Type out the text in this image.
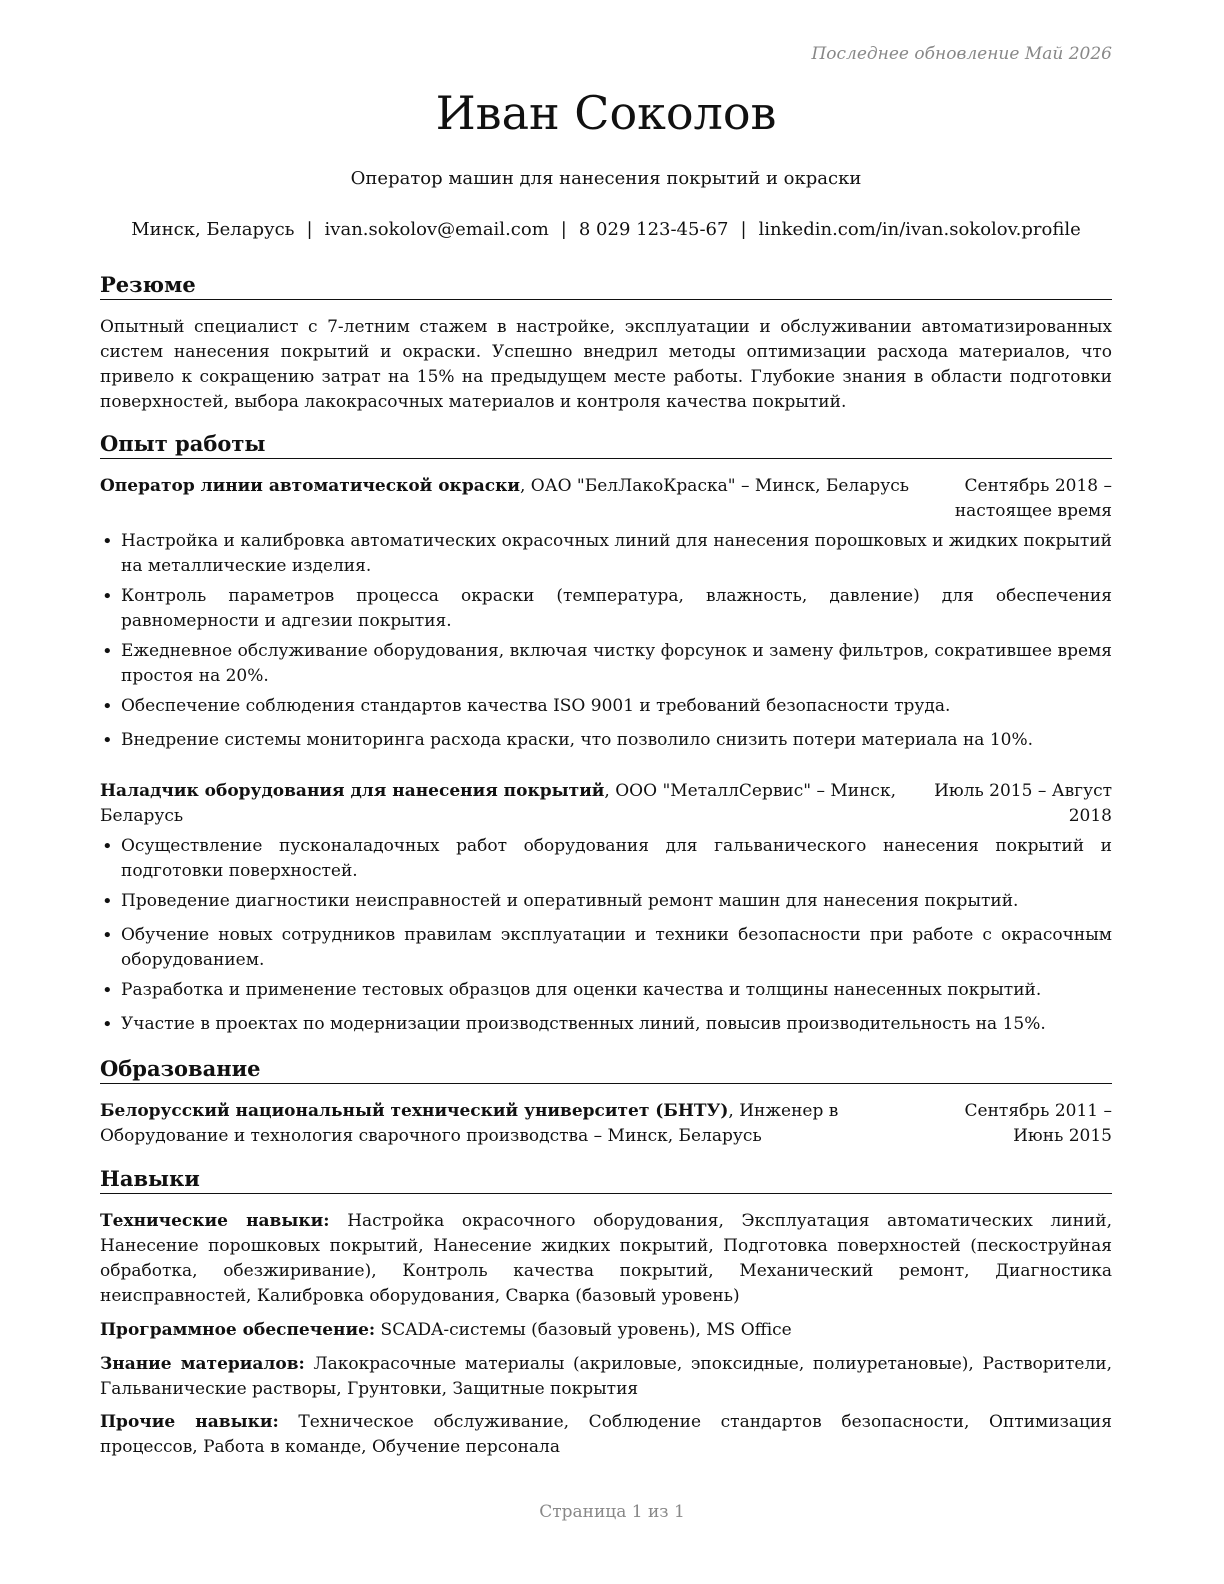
Последнее обновление Май 2026
Иван Соколов
Оператор машин для нанесения покрытий и окраски
Минск, Беларусь | ivan.sokolov@email.com | 8 029 123-45-67 | linkedin.com/in/ivan.sokolov.profile
Резюме
Опытный специалист с 7-летним стажем в настройке, эксплуатации и обслуживании автоматизированных систем нанесения покрытий и окраски. Успешно внедрил методы оптимизации расхода материалов, что привело к сокращению затрат на 15% на предыдущем месте работы. Глубокие знания в области подготовки поверхностей, выбора лакокрасочных материалов и контроля качества покрытий.
Опыт работы
Оператор линии автоматической окраски, ОАО "БелЛакоКраска" – Минск, Беларусь	Сентябрь 2018 – настоящее время
• Настройка и калибровка автоматических окрасочных линий для нанесения порошковых и жидких покрытий на металлические изделия.
• Контроль параметров процесса окраски (температура, влажность, давление) для обеспечения равномерности и адгезии покрытия.
• Ежедневное обслуживание оборудования, включая чистку форсунок и замену фильтров, сократившее время простоя на 20%.
• Обеспечение соблюдения стандартов качества ISO 9001 и требований безопасности труда.
• Внедрение системы мониторинга расхода краски, что позволило снизить потери материала на 10%.
Наладчик оборудования для нанесения покрытий, ООО "МеталлСервис" – Минск, БеларусьИюль 2015 – Август 2018
• Осуществление пусконаладочных работ оборудования для гальванического нанесения покрытий и подготовки поверхностей.
• Проведение диагностики неисправностей и оперативный ремонт машин для нанесения покрытий.
• Обучение новых сотрудников правилам эксплуатации и техники безопасности при работе с окрасочным оборудованием.
• Разработка и применение тестовых образцов для оценки качества и толщины нанесенных покрытий.
• Участие в проектах по модернизации производственных линий, повысив производительность на 15%.
Образование
Белорусский национальный технический университет (БНТУ), Инженер в Оборудование и технология сварочного производства – Минск, БеларусьСентябрь 2011 – Июнь 2015
Навыки
Технические навыки: Настройка окрасочного оборудования, Эксплуатация автоматических линий, Нанесение порошковых покрытий, Нанесение жидких покрытий, Подготовка поверхностей (пескоструйная обработка, обезжиривание), Контроль качества покрытий, Механический ремонт, Диагностика неисправностей, Калибровка оборудования, Сварка (базовый уровень)
Программное обеспечение: SCADA-системы (базовый уровень), MS Office
Знание материалов: Лакокрасочные материалы (акриловые, эпоксидные, полиуретановые), Растворители, Гальванические растворы, Грунтовки, Защитные покрытия
Прочие навыки: Техническое обслуживание, Соблюдение стандартов безопасности, Оптимизация процессов, Работа в команде, Обучение персонала
Страница 1 из 1
